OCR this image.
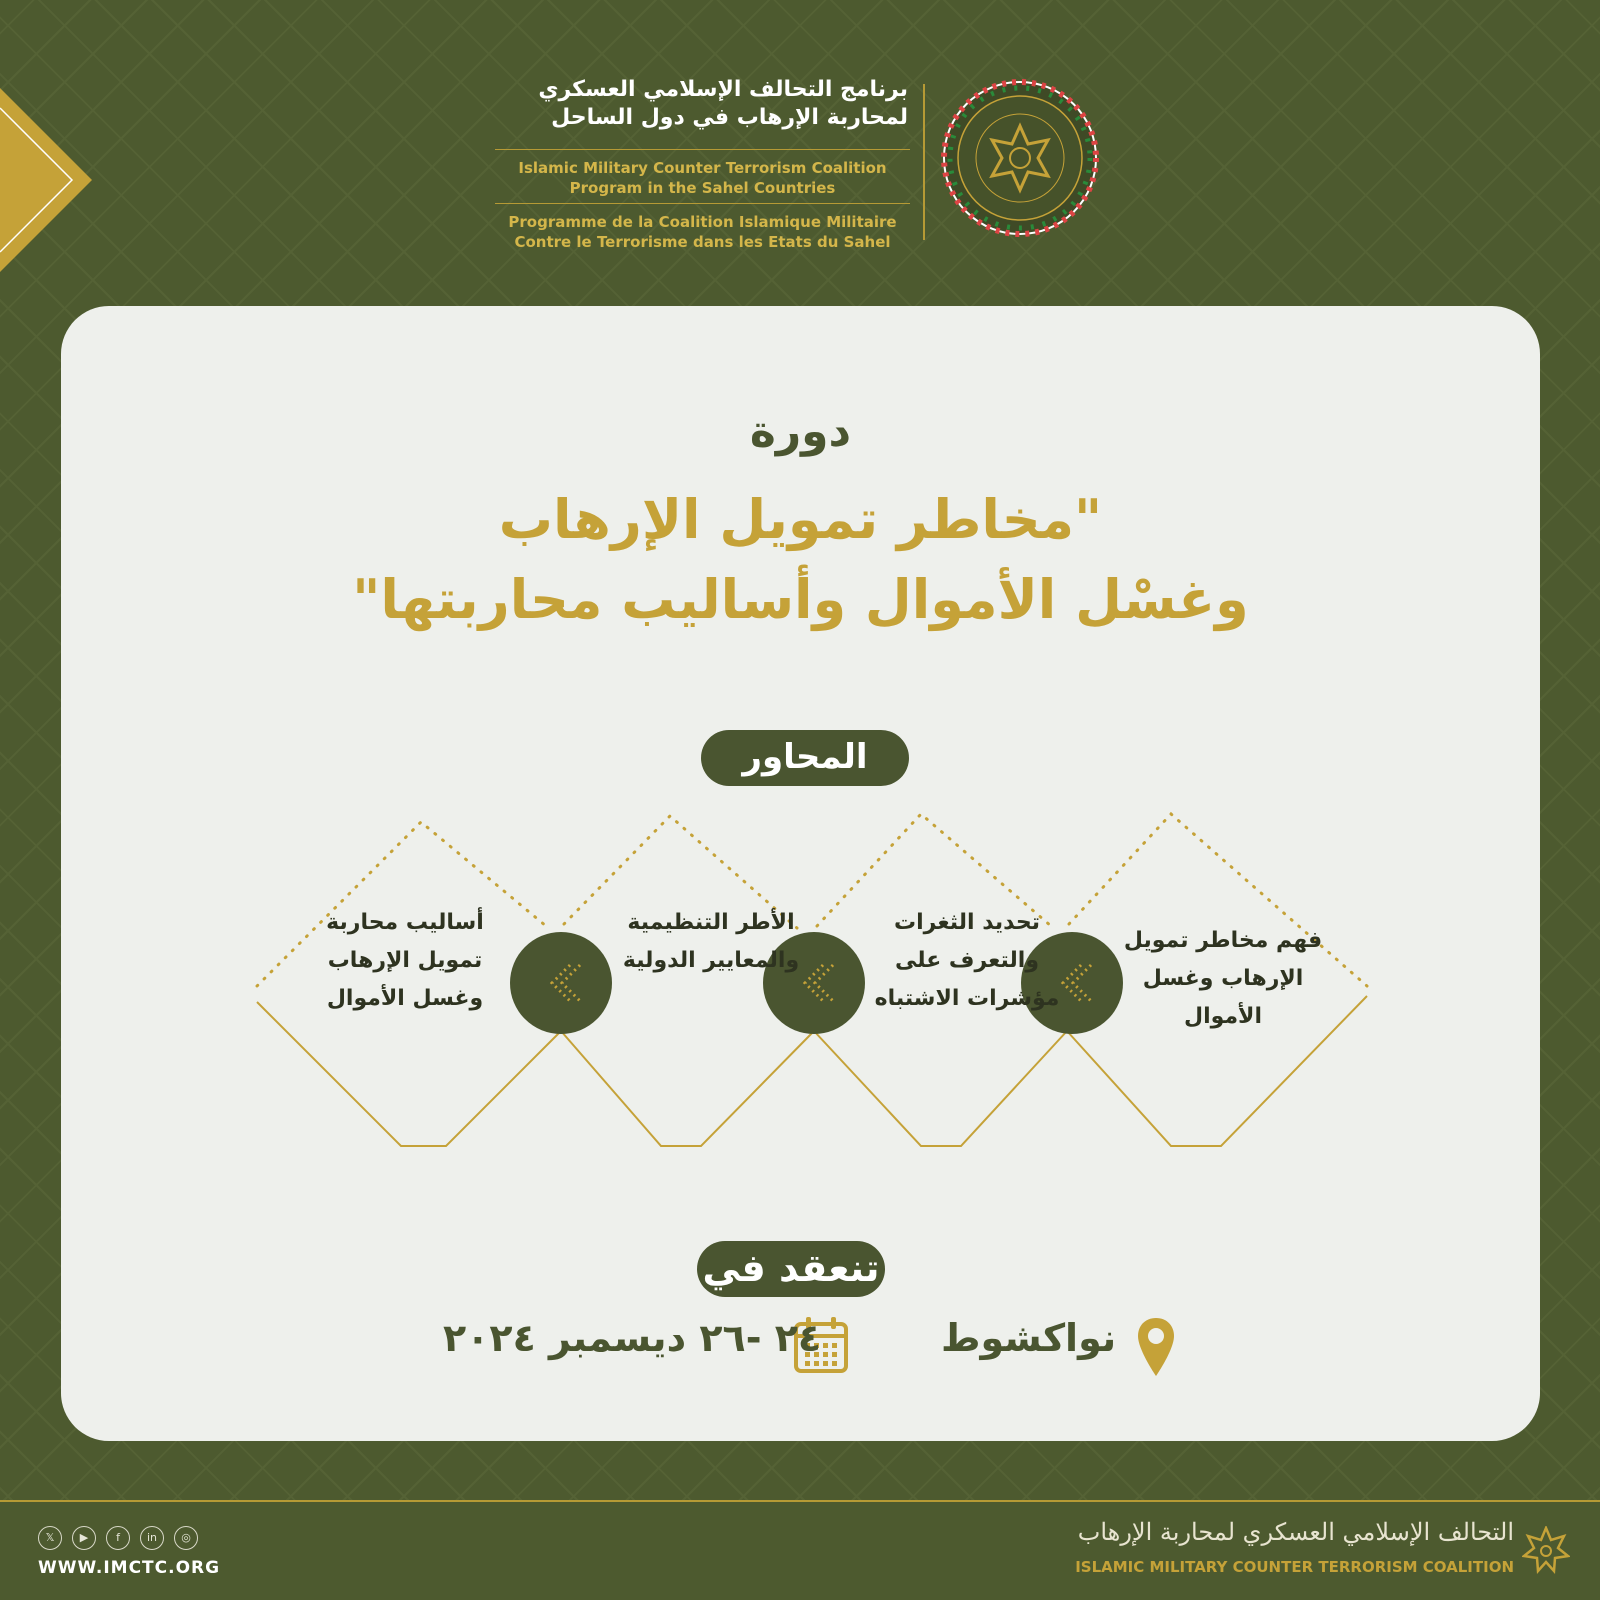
برنامج التحالف الإسلامي العسكري
لمحاربة الإرهاب في دول الساحل
Islamic Military Counter Terrorism Coalition Program in the Sahel Countries
Programme de la Coalition Islamique Militaire Contre le Terrorisme dans les Etats du Sahel
دورة
"مخاطر تمويل الإرهاب
وغسْل الأموال وأساليب محاربتها"
المحاور
فهم مخاطر تمويل الإرهاب وغسل الأموال
تحديد الثغرات والتعرف على مؤشرات الاشتباه
الأطر التنظيمية والمعايير الدولية
أساليب محاربة تمويل الإرهاب وغسل الأموال
تنعقد في
نواكشوط
٢٤ -٢٦ ديسمبر ٢٠٢٤
𝕏	▶	f	in	◎
WWW.IMCTC.ORG
التحالف الإسلامي العسكري لمحاربة الإرهاب
ISLAMIC MILITARY COUNTER TERRORISM COALITION
